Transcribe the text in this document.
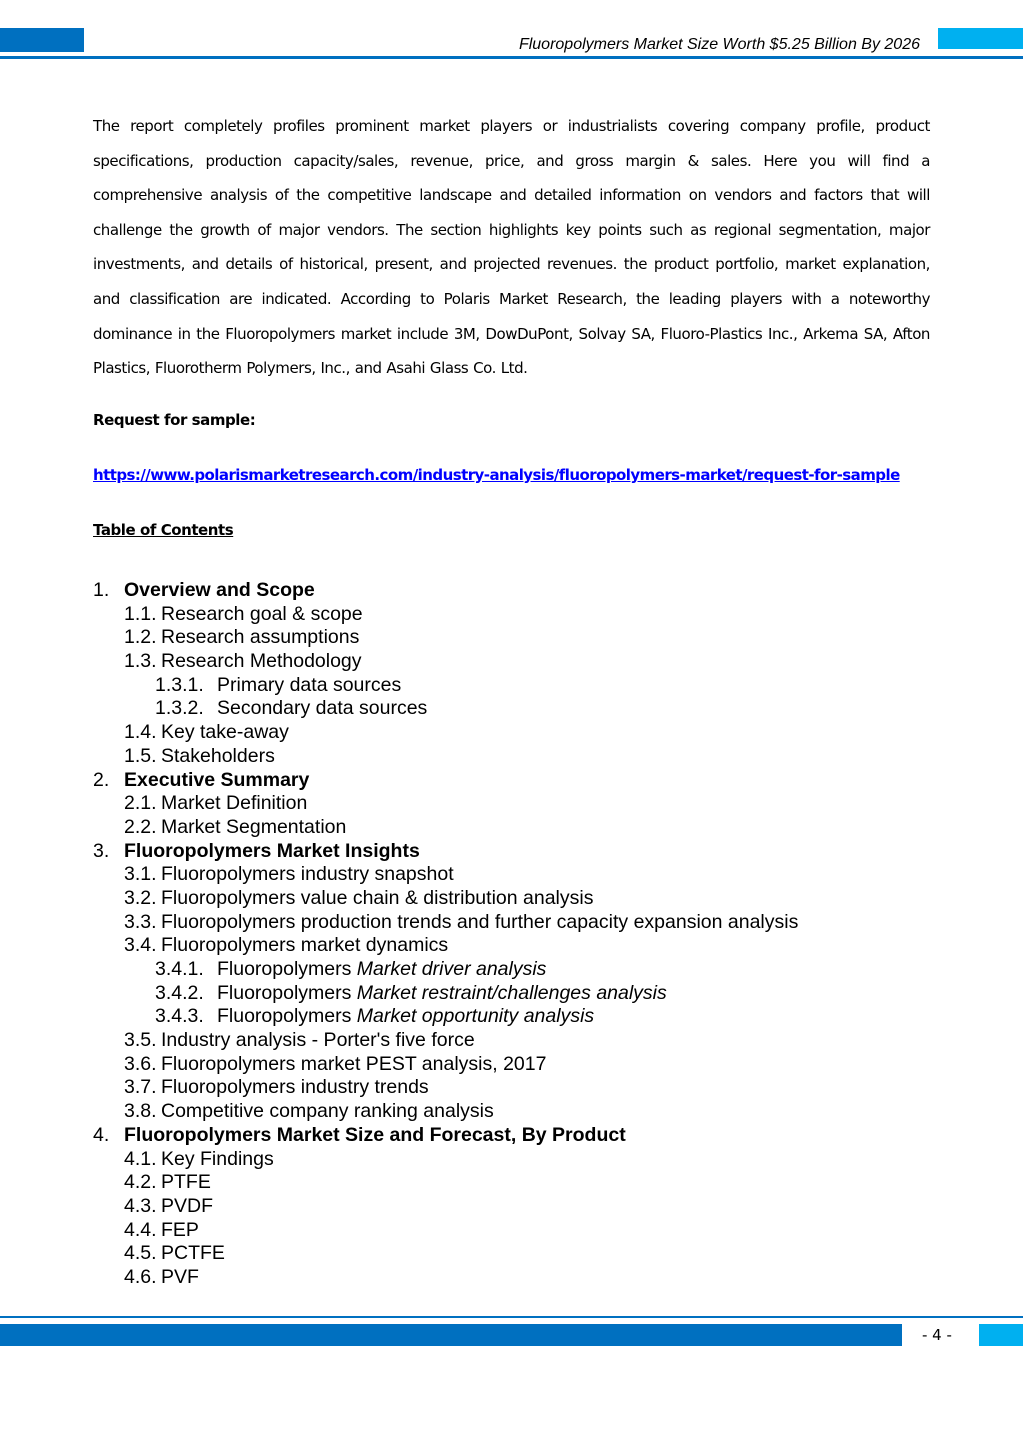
Fluoropolymers Market Size Worth $5.25 Billion By 2026
The report completely profiles prominent market players or industrialists covering company profile, product specifications, production capacity/sales, revenue, price, and gross margin & sales. Here you will find a comprehensive analysis of the competitive landscape and detailed information on vendors and factors that will challenge the growth of major vendors. The section highlights key points such as regional segmentation, major investments, and details of historical, present, and projected revenues. the product portfolio, market explanation, and classification are indicated. According to Polaris Market Research, the leading players with a noteworthy dominance in the Fluoropolymers market include 3M, DowDuPont, Solvay SA, Fluoro-Plastics Inc., Arkema SA, Afton Plastics, Fluorotherm Polymers, Inc., and Asahi Glass Co. Ltd.
Request for sample:
https://www.polarismarketresearch.com/industry-analysis/fluoropolymers-market/request-for-sample
Table of Contents
1. Overview and Scope
1.1. Research goal & scope
1.2. Research assumptions
1.3. Research Methodology
1.3.1. Primary data sources
1.3.2. Secondary data sources
1.4. Key take-away
1.5. Stakeholders
2. Executive Summary
2.1. Market Definition
2.2. Market Segmentation
3. Fluoropolymers Market Insights
3.1. Fluoropolymers industry snapshot
3.2. Fluoropolymers value chain & distribution analysis
3.3. Fluoropolymers production trends and further capacity expansion analysis
3.4. Fluoropolymers market dynamics
3.4.1. Fluoropolymers Market driver analysis
3.4.2. Fluoropolymers Market restraint/challenges analysis
3.4.3. Fluoropolymers Market opportunity analysis
3.5. Industry analysis - Porter's five force
3.6. Fluoropolymers market PEST analysis, 2017
3.7. Fluoropolymers industry trends
3.8. Competitive company ranking analysis
4. Fluoropolymers Market Size and Forecast, By Product
4.1. Key Findings
4.2. PTFE
4.3. PVDF
4.4. FEP
4.5. PCTFE
4.6. PVF
- 4 -
